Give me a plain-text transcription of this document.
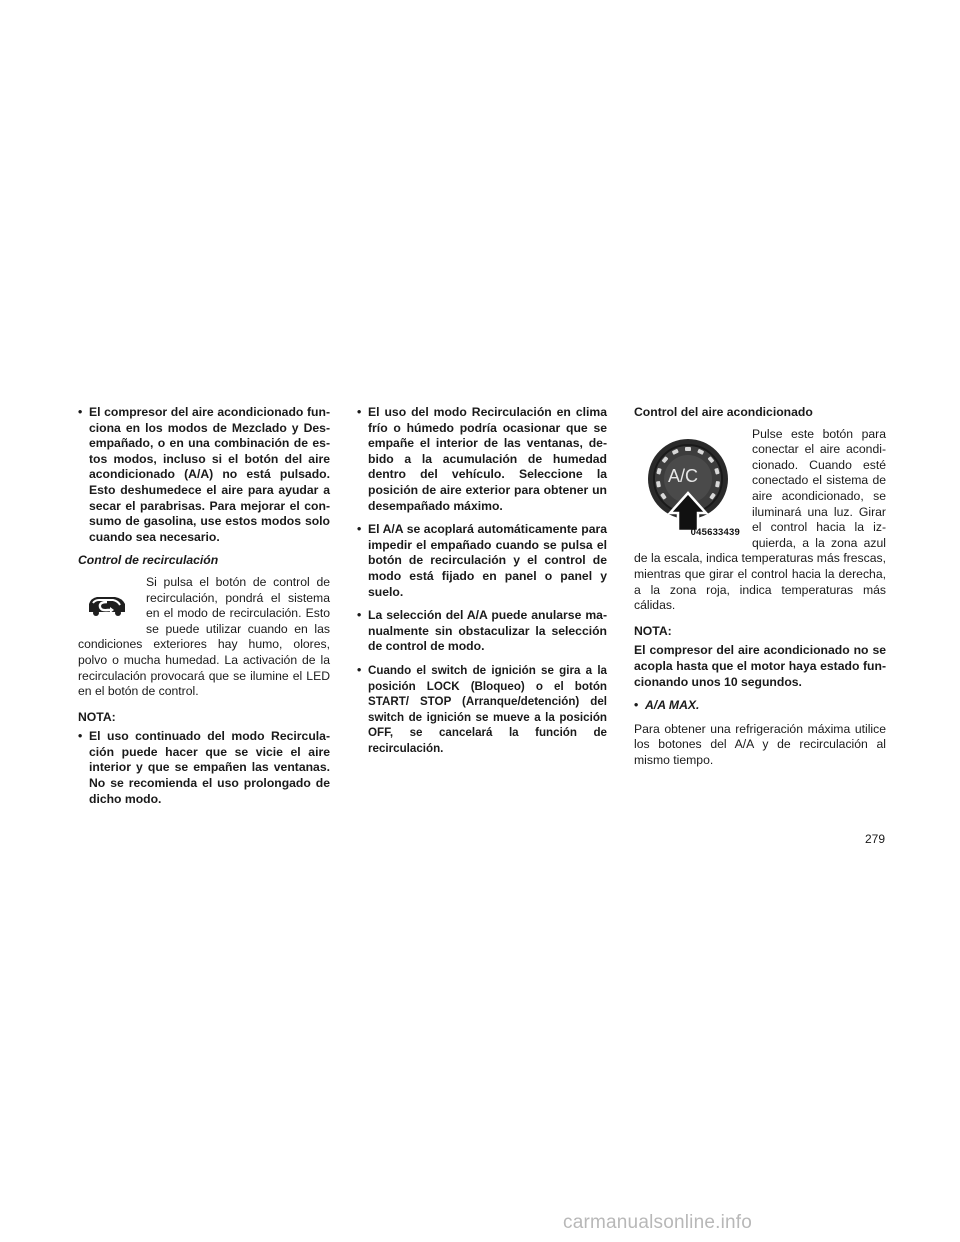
• El compresor del aire acondicionado funciona en los modos de Mezclado y Desempañado, o en una combinación de estos modos, incluso si el botón del aire acondicionado (A/A) no está pulsado. Esto deshumedece el aire para ayudar a secar el parabrisas. Para mejorar el consumo de gasolina, use estos modos solo cuando sea necesario.
Control de recirculación
Si pulsa el botón de control de recirculación, pondrá el sistema en el modo de recirculación. Esto se puede utilizar cuando en las condiciones exteriores hay humo, olores, polvo o mucha humedad. La activación de la recirculación provocará que se ilumine el LED en el botón de control.
NOTA:
• El uso continuado del modo Recirculación puede hacer que se vicie el aire interior y que se empañen las ventanas. No se recomienda el uso prolongado de dicho modo.
• El uso del modo Recirculación en clima frío o húmedo podría ocasionar que se empañe el interior de las ventanas, debido a la acumulación de humedad dentro del vehículo. Seleccione la posición de aire exterior para obtener un desempañado máximo.
• El A/A se acoplará automáticamente para impedir el empañado cuando se pulsa el botón de recirculación y el control de modo está fijado en panel o panel y suelo.
• La selección del A/A puede anularse manualmente sin obstaculizar la selección de control de modo.
• Cuando el switch de ignición se gira a la posición LOCK (Bloqueo) o el botón START/ STOP (Arranque/detención) del switch de ignición se mueve a la posición OFF, se cancelará la función de recirculación.
Control del aire acondicionado
A/C
045633439
Pulse este botón para conectar el aire acondicionado. Cuando esté conectado el sistema de aire acondicionado, se iluminará una luz. Girar el control hacia la izquierda, a la zona azul de la escala, indica temperaturas más frescas, mientras que girar el control hacia la derecha, a la zona roja, indica temperaturas más cálidas.
NOTA:
El compresor del aire acondicionado no se acopla hasta que el motor haya estado funcionando unos 10 segundos.
• A/A MAX.
Para obtener una refrigeración máxima utilice los botones del A/A y de recirculación al mismo tiempo.
279
carmanualsonline.info
